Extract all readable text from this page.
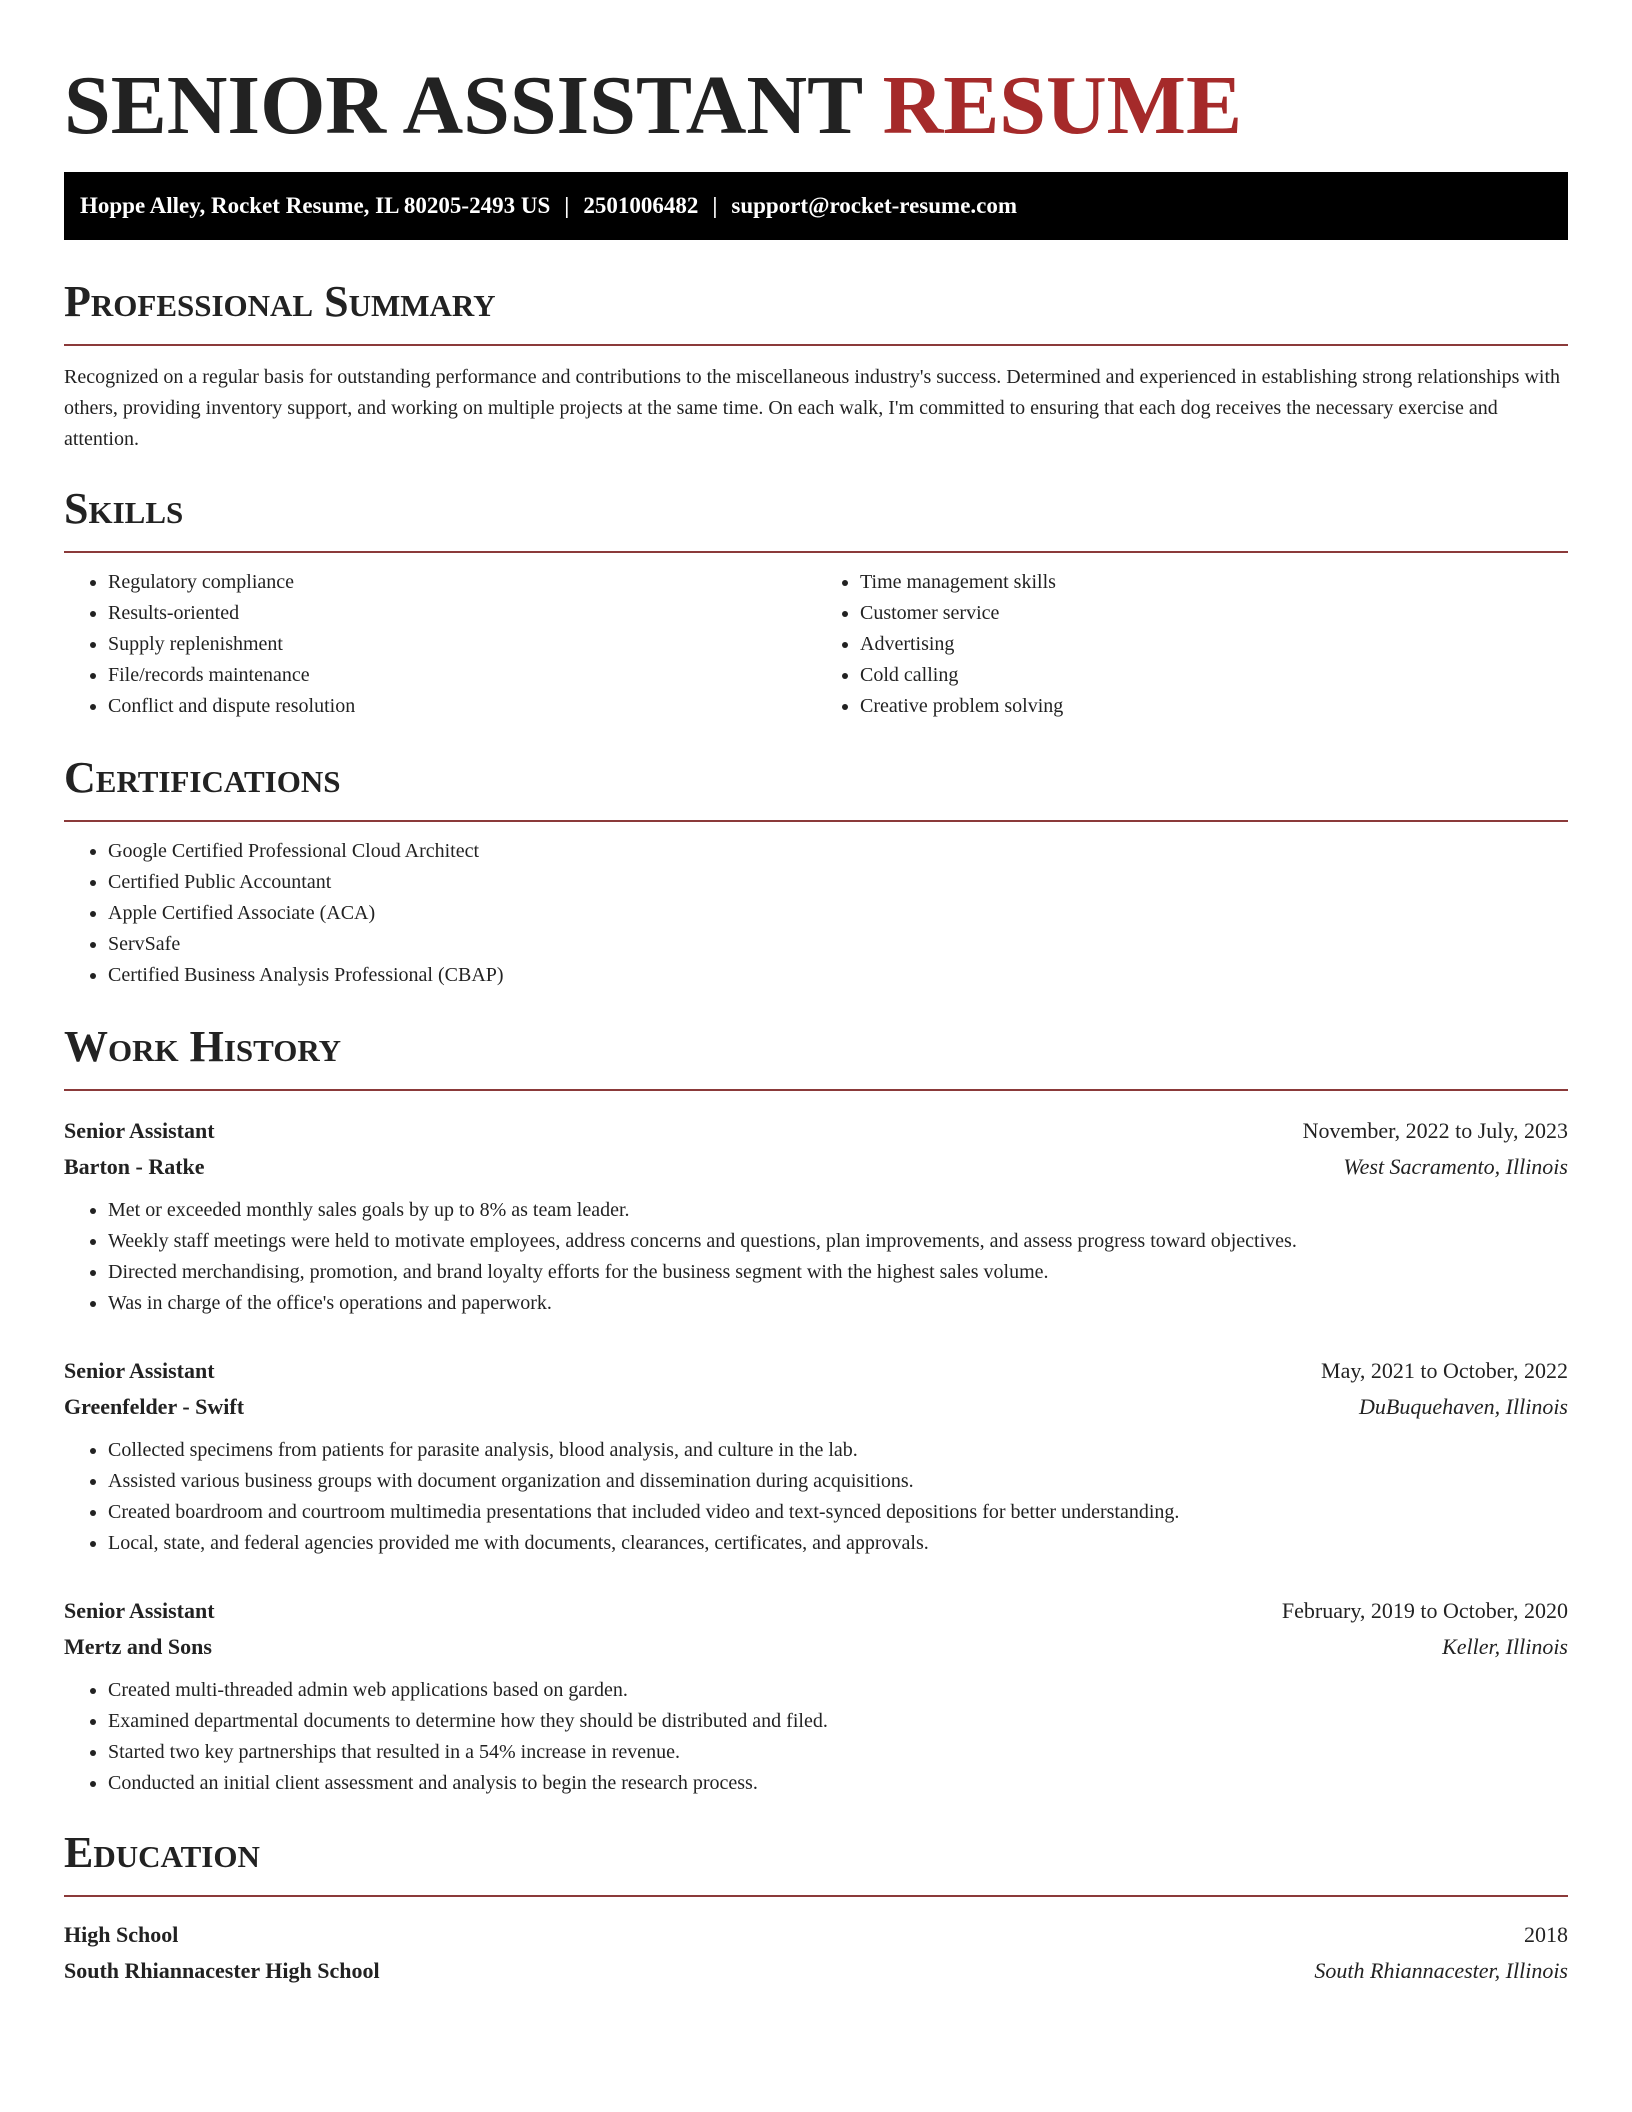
SENIOR ASSISTANT RESUME
Hoppe Alley, Rocket Resume, IL 80205-2493 US | 2501006482 | support@rocket-resume.com
Professional Summary

Recognized on a regular basis for outstanding performance and contributions to the miscellaneous industry's success. Determined and experienced in establishing strong relationships with others, providing inventory support, and working on multiple projects at the same time. On each walk, I'm committed to ensuring that each dog receives the necessary exercise and attention.

Skills
• Regulatory compliance
• Results-oriented
• Supply replenishment
• File/records maintenance
• Conflict and dispute resolution
• Time management skills
• Customer service
• Advertising
• Cold calling
• Creative problem solving
Certifications
• Google Certified Professional Cloud Architect
• Certified Public Accountant
• Apple Certified Associate (ACA)
• ServSafe
• Certified Business Analysis Professional (CBAP)
Work History
Senior Assistant	November, 2022 to July, 2023
Barton - Ratke	West Sacramento, Illinois
• Met or exceeded monthly sales goals by up to 8% as team leader.
• Weekly staff meetings were held to motivate employees, address concerns and questions, plan improvements, and assess progress toward objectives.
• Directed merchandising, promotion, and brand loyalty efforts for the business segment with the highest sales volume.
• Was in charge of the office's operations and paperwork.
Senior Assistant	May, 2021 to October, 2022
Greenfelder - Swift	DuBuquehaven, Illinois
• Collected specimens from patients for parasite analysis, blood analysis, and culture in the lab.
• Assisted various business groups with document organization and dissemination during acquisitions.
• Created boardroom and courtroom multimedia presentations that included video and text-synced depositions for better understanding.
• Local, state, and federal agencies provided me with documents, clearances, certificates, and approvals.
Senior Assistant	February, 2019 to October, 2020
Mertz and Sons	Keller, Illinois
• Created multi-threaded admin web applications based on garden.
• Examined departmental documents to determine how they should be distributed and filed.
• Started two key partnerships that resulted in a 54% increase in revenue.
• Conducted an initial client assessment and analysis to begin the research process.
Education
High School	2018
South Rhiannacester High School	South Rhiannacester, Illinois
